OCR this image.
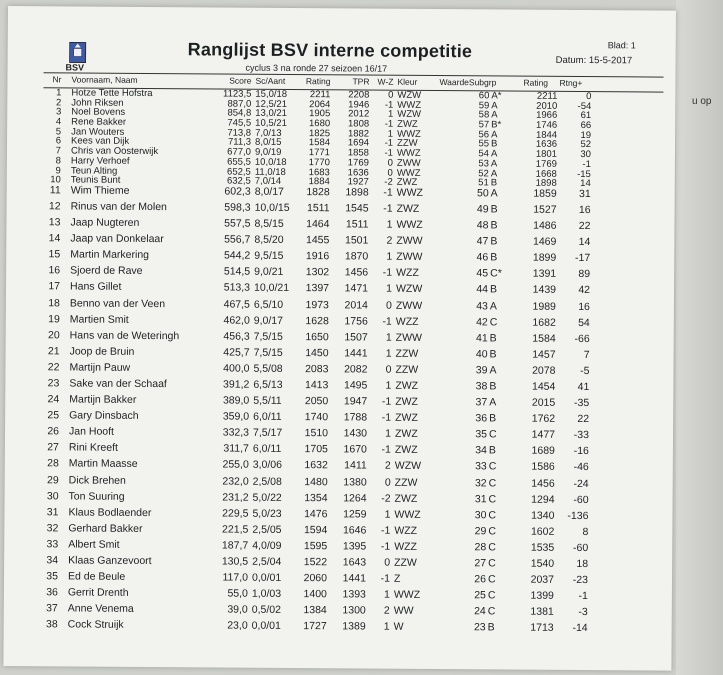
u op
BSV
Ranglijst BSV interne competitie
cyclus 3 na ronde 27 seizoen 16/17
Blad: 1
Datum: 15-5-2017
Nr Voornaam, Naam	Score Sc/Aant	Rating	TPR W-Z Kleur	WaardeSubgrp	Rating Rtng+
1 Hotze Tette Hofstra	1123,5 15,0/18	2211	2208	0 WZW	60 A*	2211	0
2 John Riksen	887,0 12,5/21	2064	1946	-1 WWZ	59 A	2010	-54
3 Noel Bovens	854,8 13,0/21	1905	2012	1 WZW	58 A	1966	61
4 Rene Bakker	745,5 10,5/21	1680	1808	-1 ZWZ	57 B*	1746	66
5 Jan Wouters	713,8 7,0/13	1825	1882	1 WWZ	56 A	1844	19
6 Kees van Dijk	711,3 8,0/15	1584	1694	-1 ZZW	55 B	1636	52
7 Chris van Oosterwijk	677,0 9,0/19	1771	1858	-1 WWZ	54 A	1801	30
8 Harry Verhoef	655,5 10,0/18	1770	1769	0 ZWW	53 A	1769	-1
9 Teun Alting	652,5 11,0/18	1683	1636	0 WWZ	52 A	1668	-15
10 Teunis Bunt	632,5 7,0/14	1884	1927	-2 ZWZ	51 B	1898	14
11 Wim Thieme	602,3 8,0/17	1828	1898	-1 WWZ	50 A	1859	31
12 Rinus van der Molen	598,3 10,0/15	1511	1545	-1 ZWZ	49 B	1527	16
13 Jaap Nugteren	557,5 8,5/15	1464	1511	1 WWZ	48 B	1486	22
14 Jaap van Donkelaar	556,7 8,5/20	1455	1501	2 ZWW	47 B	1469	14
15 Martin Markering	544,2 9,5/15	1916	1870	1 ZWW	46 B	1899	-17
16 Sjoerd de Rave	514,5 9,0/21	1302	1456	-1 WZZ	45 C*	1391	89
17 Hans Gillet	513,3 10,0/21	1397	1471	1 WZW	44 B	1439	42
18 Benno van der Veen	467,5 6,5/10	1973	2014	0 ZWW	43 A	1989	16
19 Martien Smit	462,0 9,0/17	1628	1756	-1 WZZ	42 C	1682	54
20 Hans van de Weteringh	456,3 7,5/15	1650	1507	1 ZWW	41 B	1584	-66
21 Joop de Bruin	425,7 7,5/15	1450	1441	1 ZZW	40 B	1457	7
22 Martijn Pauw	400,0 5,5/08	2083	2082	0 ZZW	39 A	2078	-5
23 Sake van der Schaaf	391,2 6,5/13	1413	1495	1 ZWZ	38 B	1454	41
24 Martijn Bakker	389,0 5,5/11	2050	1947	-1 ZWZ	37 A	2015	-35
25 Gary Dinsbach	359,0 6,0/11	1740	1788	-1 ZWZ	36 B	1762	22
26 Jan Hooft	332,3 7,5/17	1510	1430	1 ZWZ	35 C	1477	-33
27 Rini Kreeft	311,7 6,0/11	1705	1670	-1 ZWZ	34 B	1689	-16
28 Martin Maasse	255,0 3,0/06	1632	1411	2 WZW	33 C	1586	-46
29 Dick Brehen	232,0 2,5/08	1480	1380	0 ZZW	32 C	1456	-24
30 Ton Suuring	231,2 5,0/22	1354	1264	-2 ZWZ	31 C	1294	-60
31 Klaus Bodlaender	229,5 5,0/23	1476	1259	1 WWZ	30 C	1340	-136
32 Gerhard Bakker	221,5 2,5/05	1594	1646	-1 WZZ	29 C	1602	8
33 Albert Smit	187,7 4,0/09	1595	1395	-1 WZZ	28 C	1535	-60
34 Klaas Ganzevoort	130,5 2,5/04	1522	1643	0 ZZW	27 C	1540	18
35 Ed de Beule	117,0 0,0/01	2060	1441	-1 Z	26 C	2037	-23
36 Gerrit Drenth	55,0 1,0/03	1400	1393	1 WWZ	25 C	1399	-1
37 Anne Venema	39,0 0,5/02	1384	1300	2 WW	24 C	1381	-3
38 Cock Struijk	23,0 0,0/01	1727	1389	1 W	23 B	1713	-14
